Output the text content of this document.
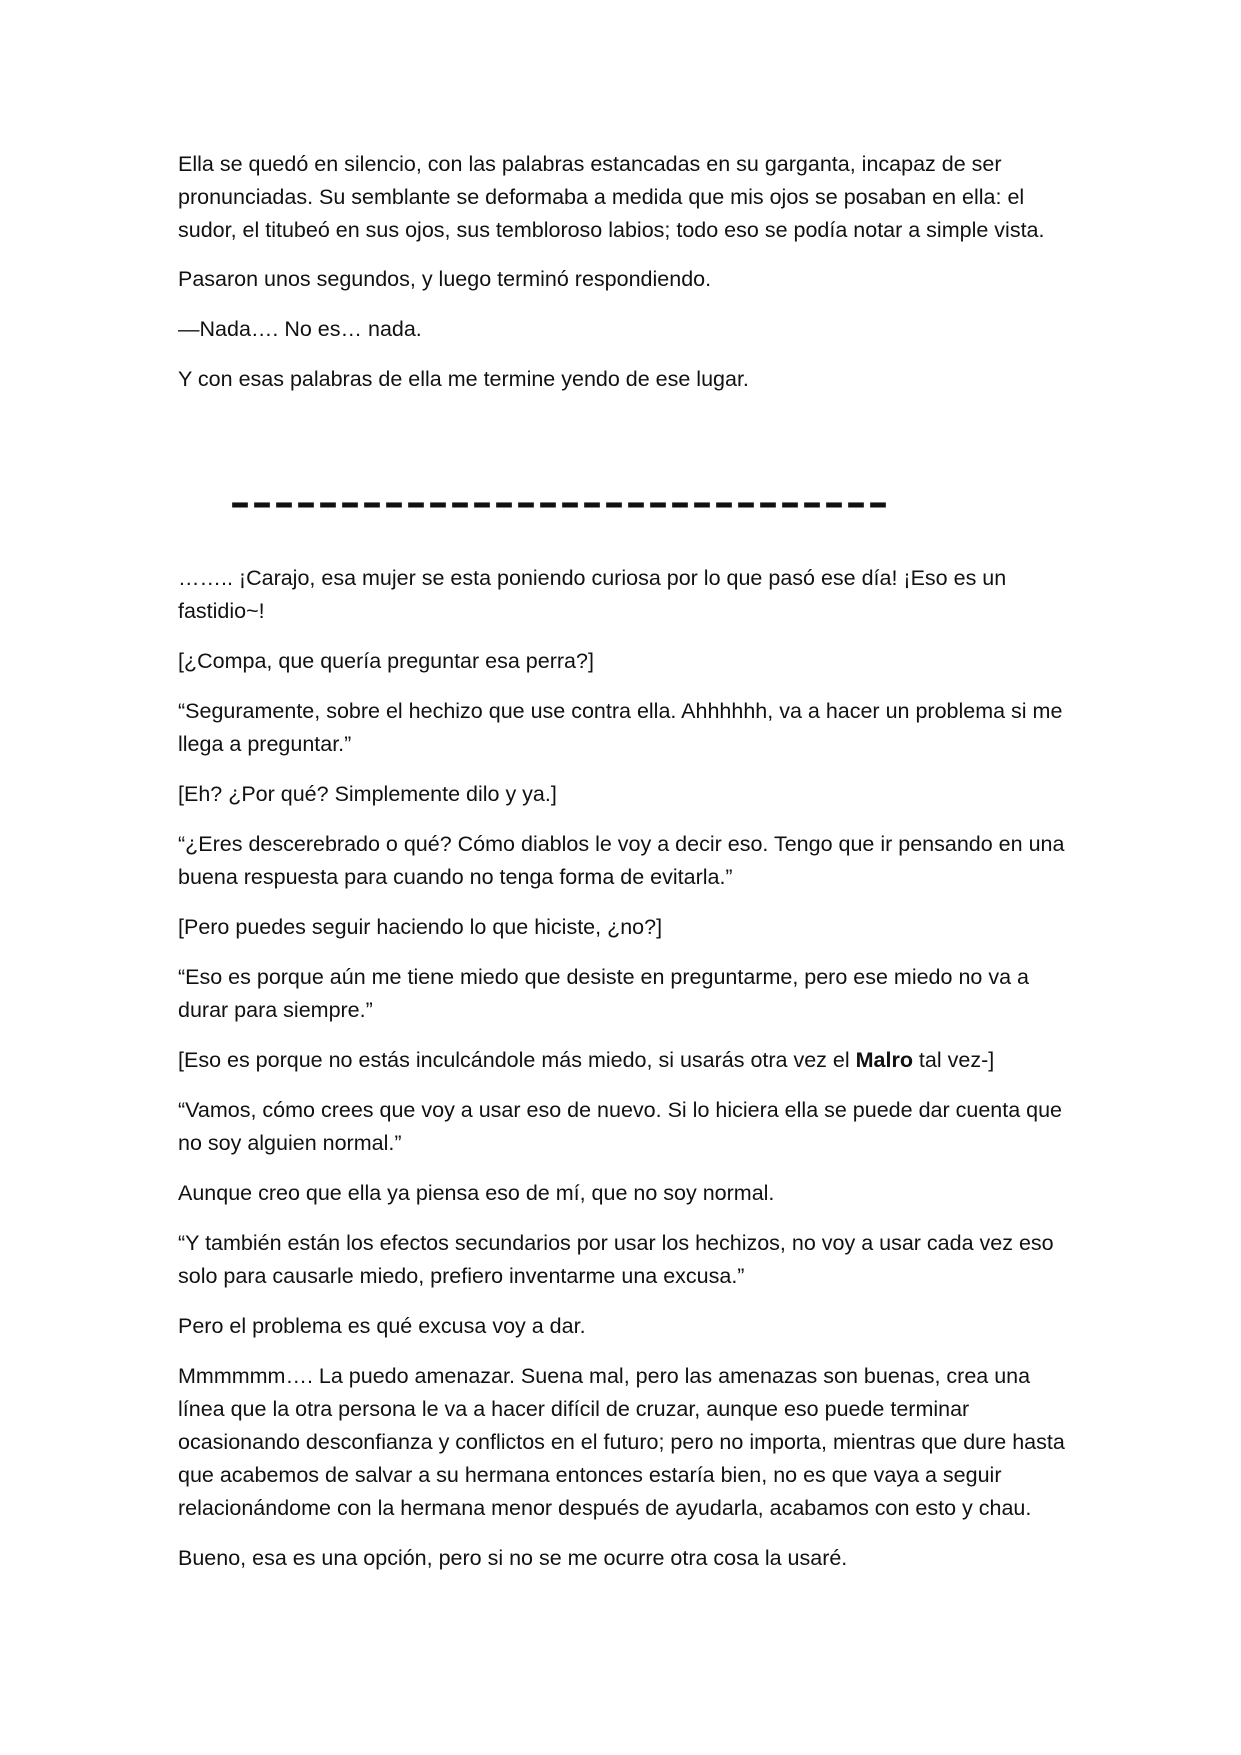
Ella se quedó en silencio, con las palabras estancadas en su garganta, incapaz de ser pronunciadas. Su semblante se deformaba a medida que mis ojos se posaban en ella: el sudor, el titubeó en sus ojos, sus tembloroso labios; todo eso se podía notar a simple vista.

Pasaron unos segundos, y luego terminó respondiendo.

—Nada…. No es… nada.

Y con esas palabras de ella me termine yendo de ese lugar.

––––––––––––––––––––––––––––––

…….. ¡Carajo, esa mujer se esta poniendo curiosa por lo que pasó ese día! ¡Eso es un fastidio~!

[¿Compa, que quería preguntar esa perra?]

“Seguramente, sobre el hechizo que use contra ella. Ahhhhhh, va a hacer un problema si me llega a preguntar.”

[Eh? ¿Por qué? Simplemente dilo y ya.]

“¿Eres descerebrado o qué? Cómo diablos le voy a decir eso. Tengo que ir pensando en una buena respuesta para cuando no tenga forma de evitarla.”

[Pero puedes seguir haciendo lo que hiciste, ¿no?]

“Eso es porque aún me tiene miedo que desiste en preguntarme, pero ese miedo no va a durar para siempre.”

[Eso es porque no estás inculcándole más miedo, si usarás otra vez el Malro tal vez-]

“Vamos, cómo crees que voy a usar eso de nuevo. Si lo hiciera ella se puede dar cuenta que no soy alguien normal.”

Aunque creo que ella ya piensa eso de mí, que no soy normal.

“Y también están los efectos secundarios por usar los hechizos, no voy a usar cada vez eso solo para causarle miedo, prefiero inventarme una excusa.”

Pero el problema es qué excusa voy a dar.

Mmmmmm…. La puedo amenazar. Suena mal, pero las amenazas son buenas, crea una línea que la otra persona le va a hacer difícil de cruzar, aunque eso puede terminar ocasionando desconfianza y conflictos en el futuro; pero no importa, mientras que dure hasta que acabemos de salvar a su hermana entonces estaría bien, no es que vaya a seguir relacionándome con la hermana menor después de ayudarla, acabamos con esto y chau.

Bueno, esa es una opción, pero si no se me ocurre otra cosa la usaré.
